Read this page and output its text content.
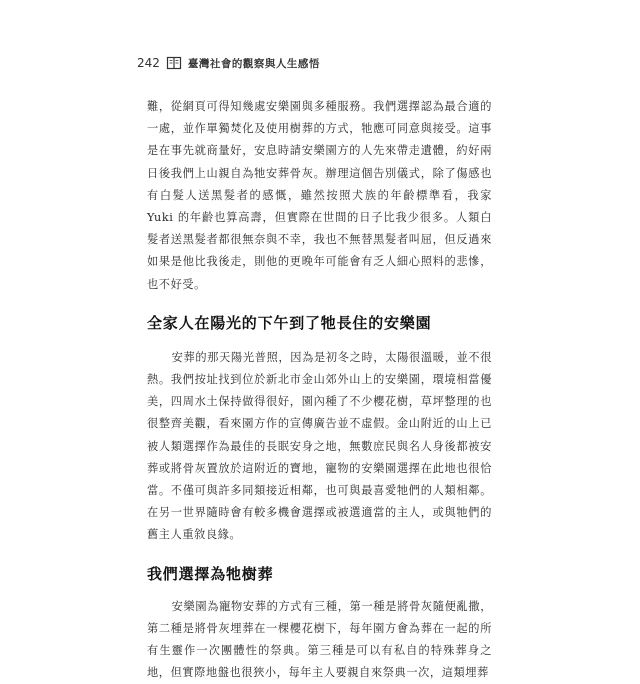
242	臺灣社會的觀察與人生感悟

難，從網頁可得知幾處安樂園與多種服務。我們選擇認為最合適的一處，並作單獨焚化及使用樹葬的方式，牠應可同意與接受。這事是在事先就商量好，安息時請安樂園方的人先來帶走遺體，約好兩日後我們上山親自為牠安葬骨灰。辦理這個告別儀式，除了傷感也有白髮人送黑髮者的感慨，雖然按照犬族的年齡標準看，我家 Yuki 的年齡也算高壽，但實際在世間的日子比我少很多。人類白髮者送黑髮者都很無奈與不幸，我也不無替黑髮者叫屈，但反過來如果是他比我後走，則他的更晚年可能會有乏人細心照料的悲慘，也不好受。

全家人在陽光的下午到了牠長住的安樂園

安葬的那天陽光普照，因為是初冬之時，太陽很溫暖，並不很熱。我們按址找到位於新北市金山郊外山上的安樂園，環境相當優美，四周水土保持做得很好，園內種了不少櫻花樹，草坪整理的也很整齊美觀，看來園方作的宣傳廣告並不虛假。金山附近的山上已被人類選擇作為最佳的長眠安身之地，無數庶民與名人身後都被安葬或將骨灰置放於這附近的寶地，寵物的安樂園選擇在此地也很恰當。不僅可與許多同類接近相鄰，也可與最喜愛牠們的人類相鄰。在另一世界隨時會有較多機會選擇或被選適當的主人，或與牠們的舊主人重敘良緣。

我們選擇為牠樹葬

安樂園為寵物安葬的方式有三種，第一種是將骨灰隨便亂撒，第二種是將骨灰埋葬在一棵櫻花樹下，每年園方會為葬在一起的所有生靈作一次團體性的祭典。第三種是可以有私自的特殊葬身之地，但實際地盤也很狹小，每年主人要親自來祭典一次，這類埋葬
